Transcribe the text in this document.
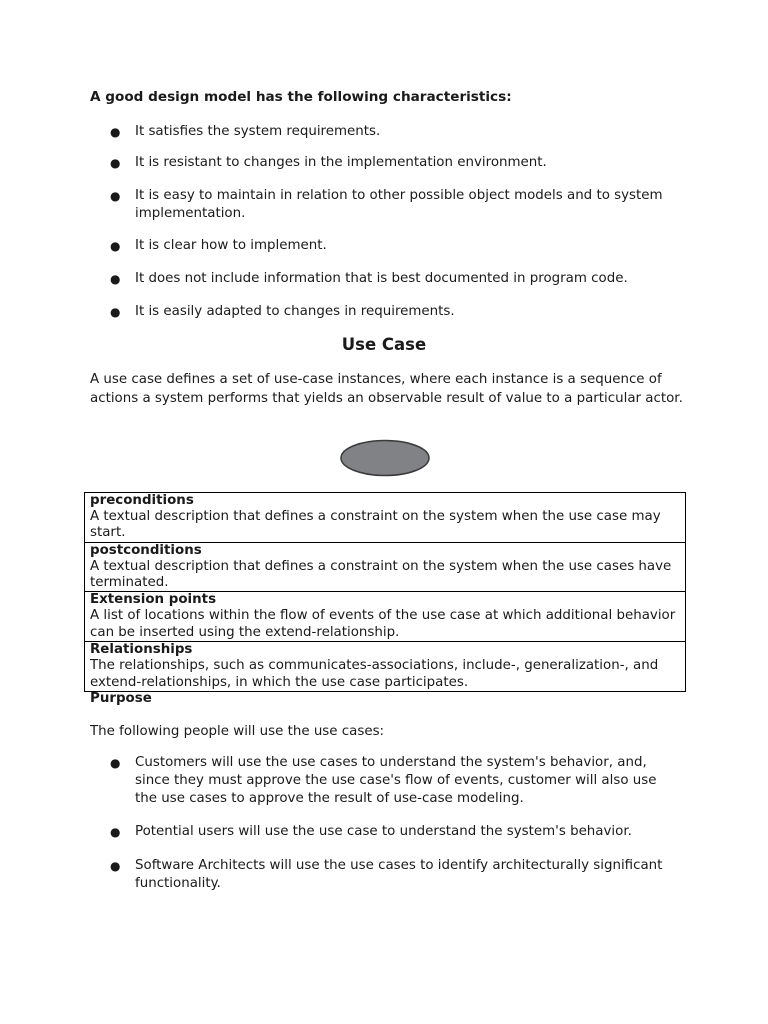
A good design model has the following characteristics:

●	It satisfies the system requirements.
●	It is resistant to changes in the implementation environment.
●	It is easy to maintain in relation to other possible object models and to system implementation.
●	It is clear how to implement.
●	It does not include information that is best documented in program code.
●	It is easily adapted to changes in requirements.

Use Case

A use case defines a set of use-case instances, where each instance is a sequence of actions a system performs that yields an observable result of value to a particular actor.

preconditions
A textual description that defines a constraint on the system when the use case may start.

postconditions
A textual description that defines a constraint on the system when the use cases have terminated.

Extension points
A list of locations within the flow of events of the use case at which additional behavior can be inserted using the extend-relationship.

Relationships
The relationships, such as communicates-associations, include-, generalization-, and extend-relationships, in which the use case participates.

Purpose

The following people will use the use cases:

●	Customers will use the use cases to understand the system's behavior, and, since they must approve the use case's flow of events, customer will also use the use cases to approve the result of use-case modeling.
●	Potential users will use the use case to understand the system's behavior.
●	Software Architects will use the use cases to identify architecturally significant functionality.
